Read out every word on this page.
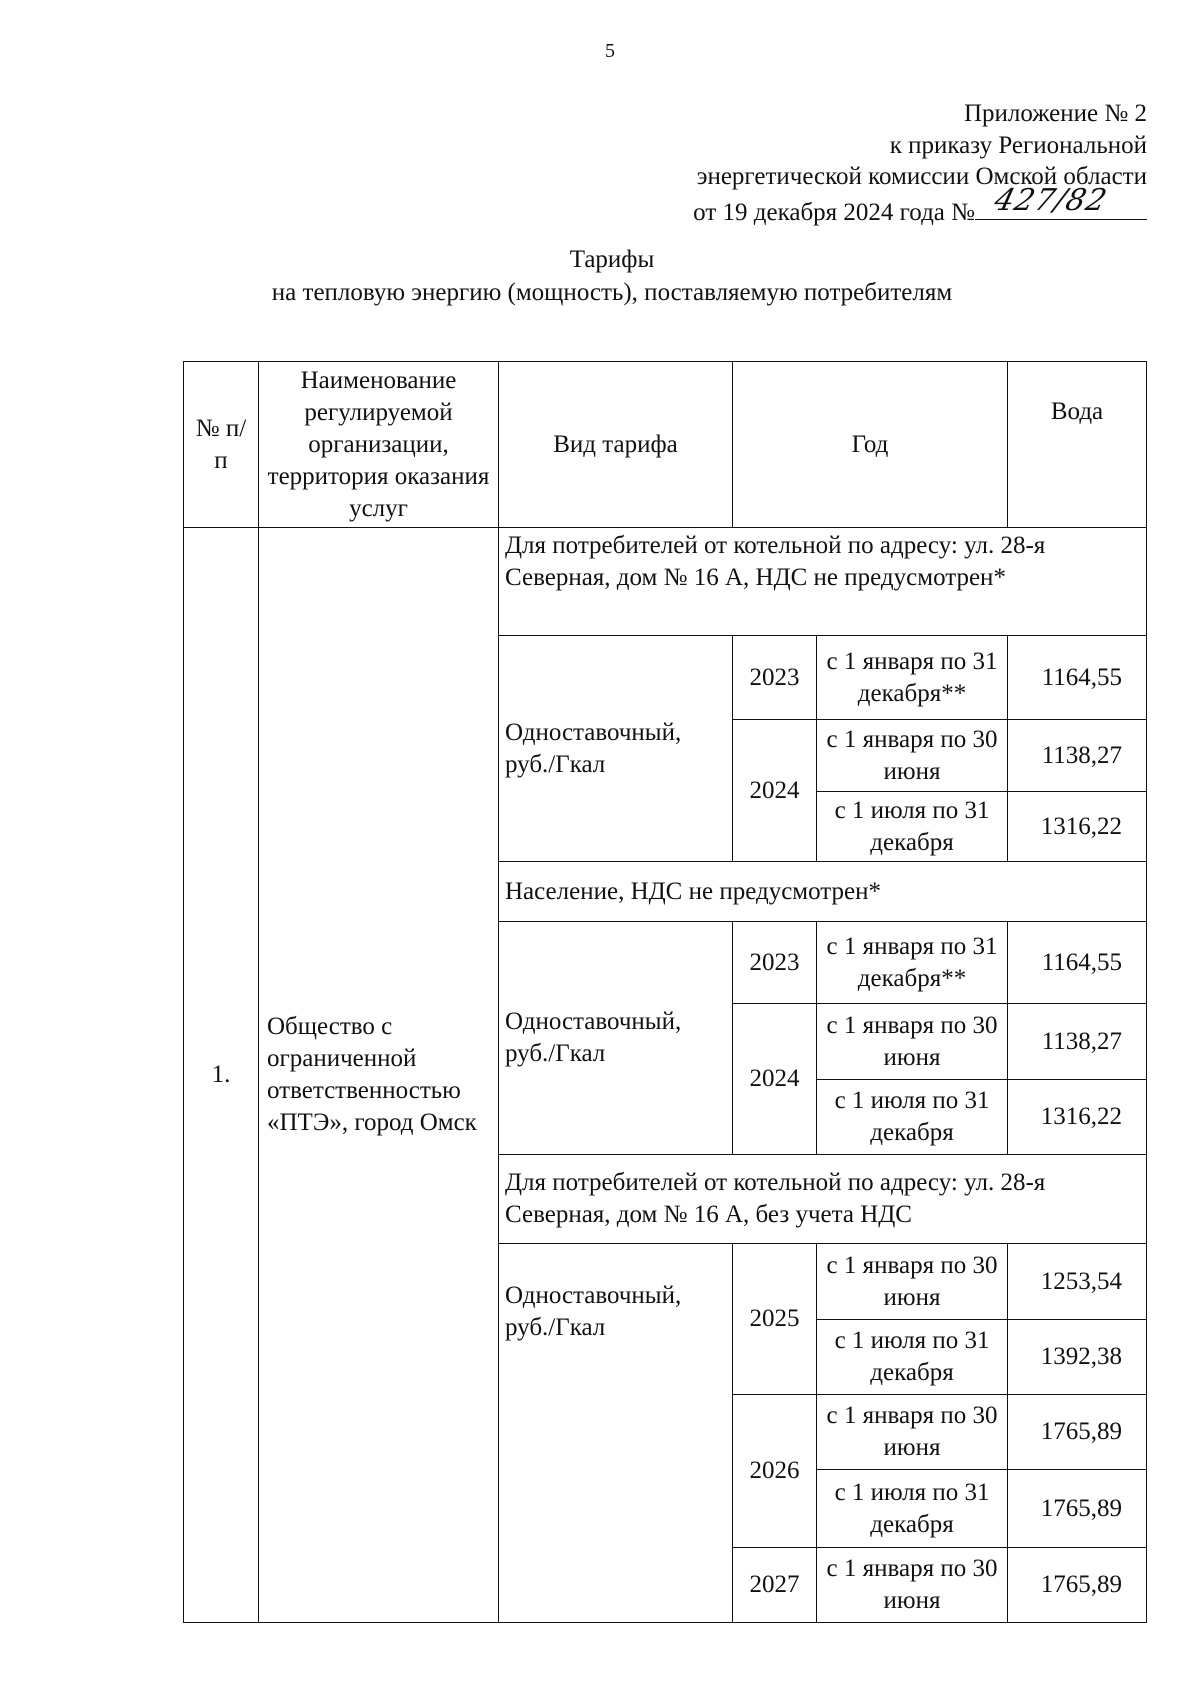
5
Приложение № 2
к приказу Региональной
энергетической комиссии Омской области
от 19 декабря 2024 года № 427/82
Тарифы
на тепловую энергию (мощность), поставляемую потребителям
№ п/п	Наименование регулируемой организации, территория оказания услуг	Вид тарифа	Год		Вода
1.	Общество с ограниченной ответственностью «ПТЭ», город Омск	Для потребителей от котельной по адресу: ул. 28-я Северная, дом № 16 А, НДС не предусмотрен*			
		Одноставочный, руб./Гкал	2023	с 1 января по 31 декабря**	1164,55
			2024	с 1 января по 30 июня	1138,27
				с 1 июля по 31 декабря	1316,22
		Население, НДС не предусмотрен*			
		Одноставочный, руб./Гкал	2023	с 1 января по 31 декабря**	1164,55
			2024	с 1 января по 30 июня	1138,27
				с 1 июля по 31 декабря	1316,22
		Для потребителей от котельной по адресу: ул. 28-я Северная, дом № 16 А, без учета НДС			
		Одноставочный, руб./Гкал	2025	с 1 января по 30 июня	1253,54
				с 1 июля по 31 декабря	1392,38
			2026	с 1 января по 30 июня	1765,89
				с 1 июля по 31 декабря	1765,89
			2027	с 1 января по 30 июня	1765,89
